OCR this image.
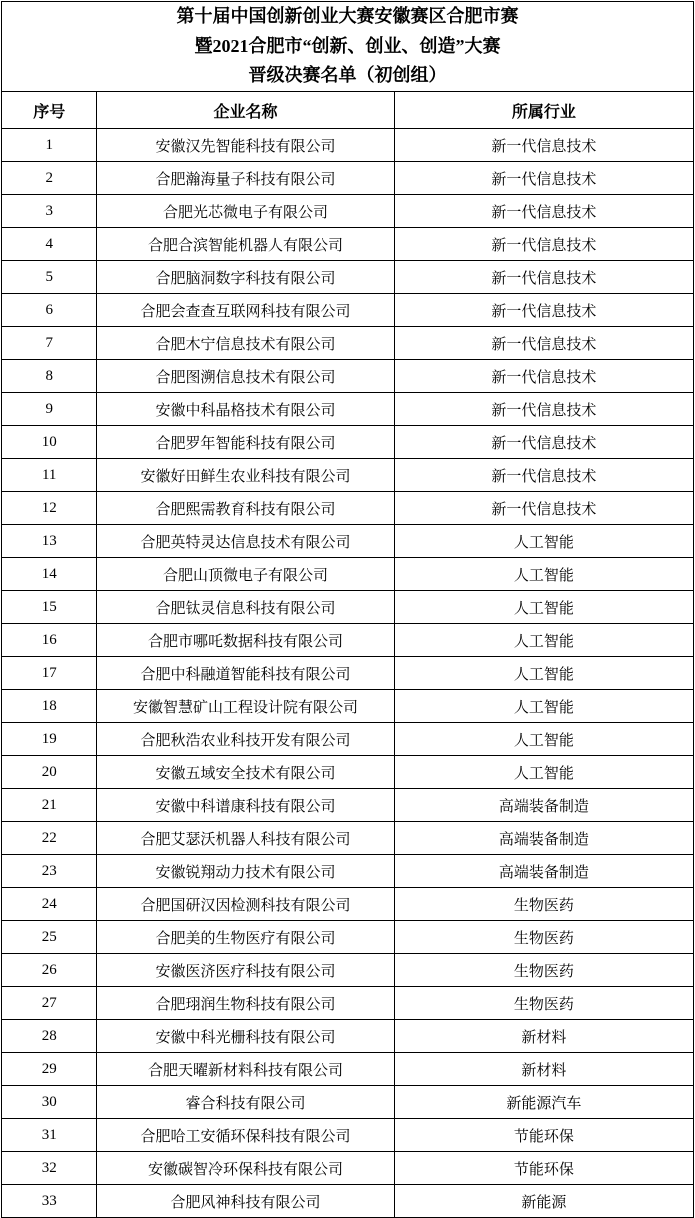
第十届中国创新创业大赛安徽赛区合肥市赛
暨2021合肥市“创新、创业、创造”大赛
晋级决赛名单（初创组）		

序号	企业名称	所属行业
1	安徽汉先智能科技有限公司	新一代信息技术
2	合肥瀚海量子科技有限公司	新一代信息技术
3	合肥光芯微电子有限公司	新一代信息技术
4	合肥合滨智能机器人有限公司	新一代信息技术
5	合肥脑洞数字科技有限公司	新一代信息技术
6	合肥会查查互联网科技有限公司	新一代信息技术
7	合肥木宁信息技术有限公司	新一代信息技术
8	合肥图溯信息技术有限公司	新一代信息技术
9	安徽中科晶格技术有限公司	新一代信息技术
10	合肥罗年智能科技有限公司	新一代信息技术
11	安徽好田鲜生农业科技有限公司	新一代信息技术
12	合肥熙需教育科技有限公司	新一代信息技术
13	合肥英特灵达信息技术有限公司	人工智能
14	合肥山顶微电子有限公司	人工智能
15	合肥钛灵信息科技有限公司	人工智能
16	合肥市哪吒数据科技有限公司	人工智能
17	合肥中科融道智能科技有限公司	人工智能
18	安徽智慧矿山工程设计院有限公司	人工智能
19	合肥秋浩农业科技开发有限公司	人工智能
20	安徽五域安全技术有限公司	人工智能
21	安徽中科谱康科技有限公司	高端装备制造
22	合肥艾瑟沃机器人科技有限公司	高端装备制造
23	安徽锐翔动力技术有限公司	高端装备制造
24	合肥国研汉因检测科技有限公司	生物医药
25	合肥美的生物医疗有限公司	生物医药
26	安徽医济医疗科技有限公司	生物医药
27	合肥珝润生物科技有限公司	生物医药
28	安徽中科光栅科技有限公司	新材料
29	合肥天曜新材料科技有限公司	新材料
30	睿合科技有限公司	新能源汽车
31	合肥哈工安循环保科技有限公司	节能环保
32	安徽碳智冷环保科技有限公司	节能环保
33	合肥风神科技有限公司	新能源
